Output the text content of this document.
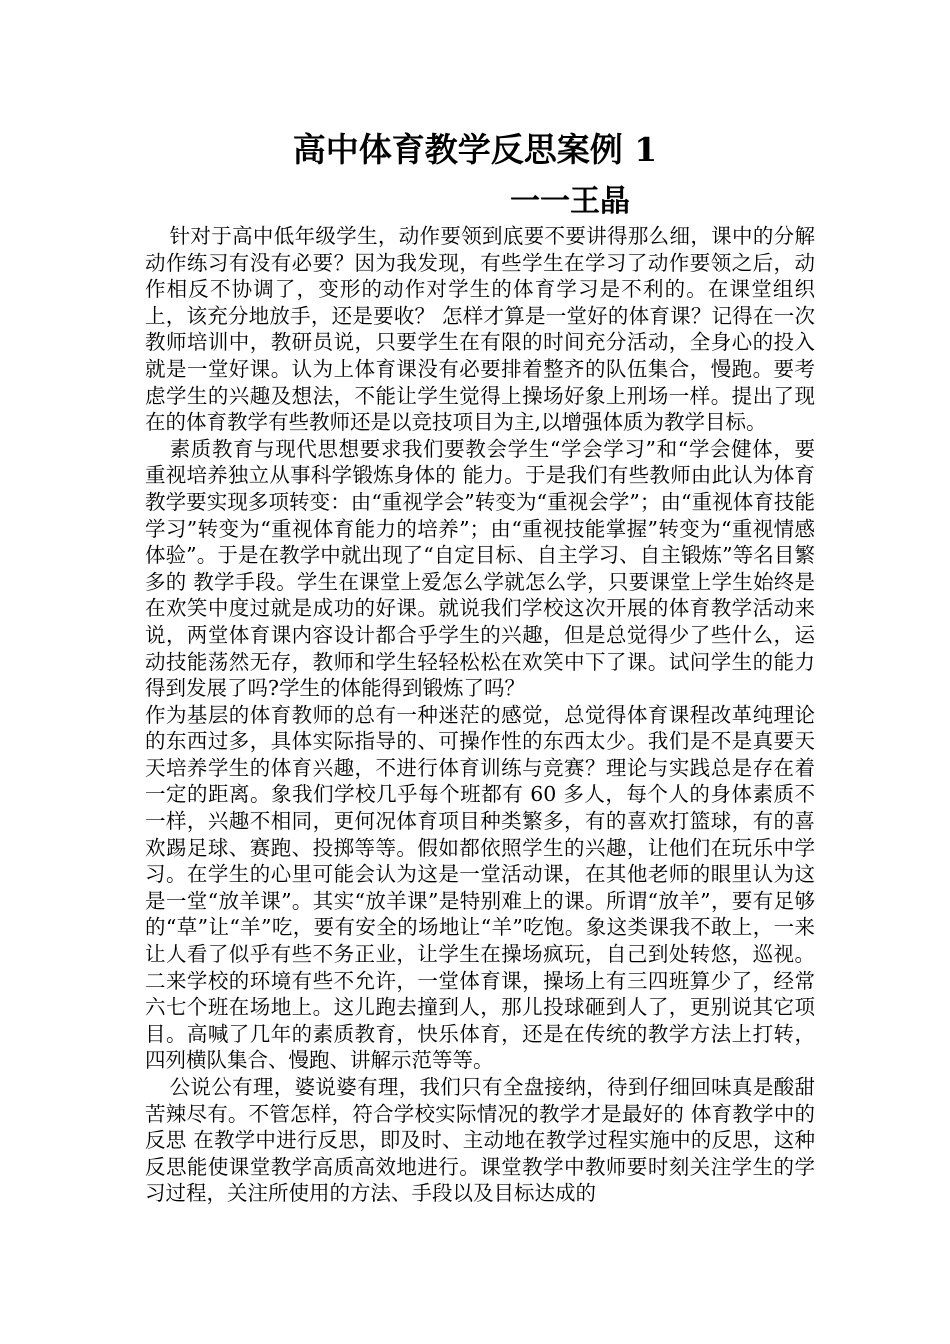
高中体育教学反思案例 1
一一王晶

针对于高中低年级学生，动作要领到底要不要讲得那么细，课中的分解动作练习有没有必要？因为我发现，有些学生在学习了动作要领之后，动作相反不协调了，变形的动作对学生的体育学习是不利的。在课堂组织上，该充分地放手，还是要收？ 怎样才算是一堂好的体育课？记得在一次教师培训中，教研员说，只要学生在有限的时间充分活动，全身心的投入就是一堂好课。认为上体育课没有必要排着整齐的队伍集合，慢跑。要考虑学生的兴趣及想法，不能让学生觉得上操场好象上刑场一样。提出了现在的体育教学有些教师还是以竞技项目为主,以增强体质为教学目标。

素质教育与现代思想要求我们要教会学生“学会学习”和“学会健体，要重视培养独立从事科学锻炼身体的 能力。于是我们有些教师由此认为体育教学要实现多项转变：由“重视学会”转变为“重视会学”；由“重视体育技能学习”转变为“重视体育能力的培养”；由“重视技能掌握”转变为“重视情感体验”。于是在教学中就出现了“自定目标、自主学习、自主锻炼”等名目繁多的 教学手段。学生在课堂上爱怎么学就怎么学，只要课堂上学生始终是在欢笑中度过就是成功的好课。就说我们学校这次开展的体育教学活动来说，两堂体育课内容设计都合乎学生的兴趣，但是总觉得少了些什么，运动技能荡然无存，教师和学生轻轻松松在欢笑中下了课。试问学生的能力得到发展了吗?学生的体能得到锻炼了吗？

作为基层的体育教师的总有一种迷茫的感觉，总觉得体育课程改革纯理论的东西过多，具体实际指导的、可操作性的东西太少。我们是不是真要天天培养学生的体育兴趣，不进行体育训练与竞赛？理论与实践总是存在着一定的距离。象我们学校几乎每个班都有 60 多人，每个人的身体素质不一样，兴趣不相同，更何况体育项目种类繁多，有的喜欢打篮球，有的喜欢踢足球、赛跑、投掷等等。假如都依照学生的兴趣，让他们在玩乐中学习。在学生的心里可能会认为这是一堂活动课，在其他老师的眼里认为这是一堂“放羊课”。其实“放羊课”是特别难上的课。所谓“放羊”，要有足够的“草”让“羊”吃，要有安全的场地让“羊”吃饱。象这类课我不敢上，一来让人看了似乎有些不务正业，让学生在操场疯玩，自己到处转悠，巡视。二来学校的环境有些不允许，一堂体育课，操场上有三四班算少了，经常六七个班在场地上。这儿跑去撞到人，那儿投球砸到人了，更别说其它项目。高喊了几年的素质教育，快乐体育，还是在传统的教学方法上打转，四列横队集合、慢跑、讲解示范等等。

公说公有理，婆说婆有理，我们只有全盘接纳，待到仔细回味真是酸甜苦辣尽有。不管怎样，符合学校实际情况的教学才是最好的 体育教学中的反思 在教学中进行反思，即及时、主动地在教学过程实施中的反思，这种反思能使课堂教学高质高效地进行。课堂教学中教师要时刻关注学生的学习过程，关注所使用的方法、手段以及目标达成的
